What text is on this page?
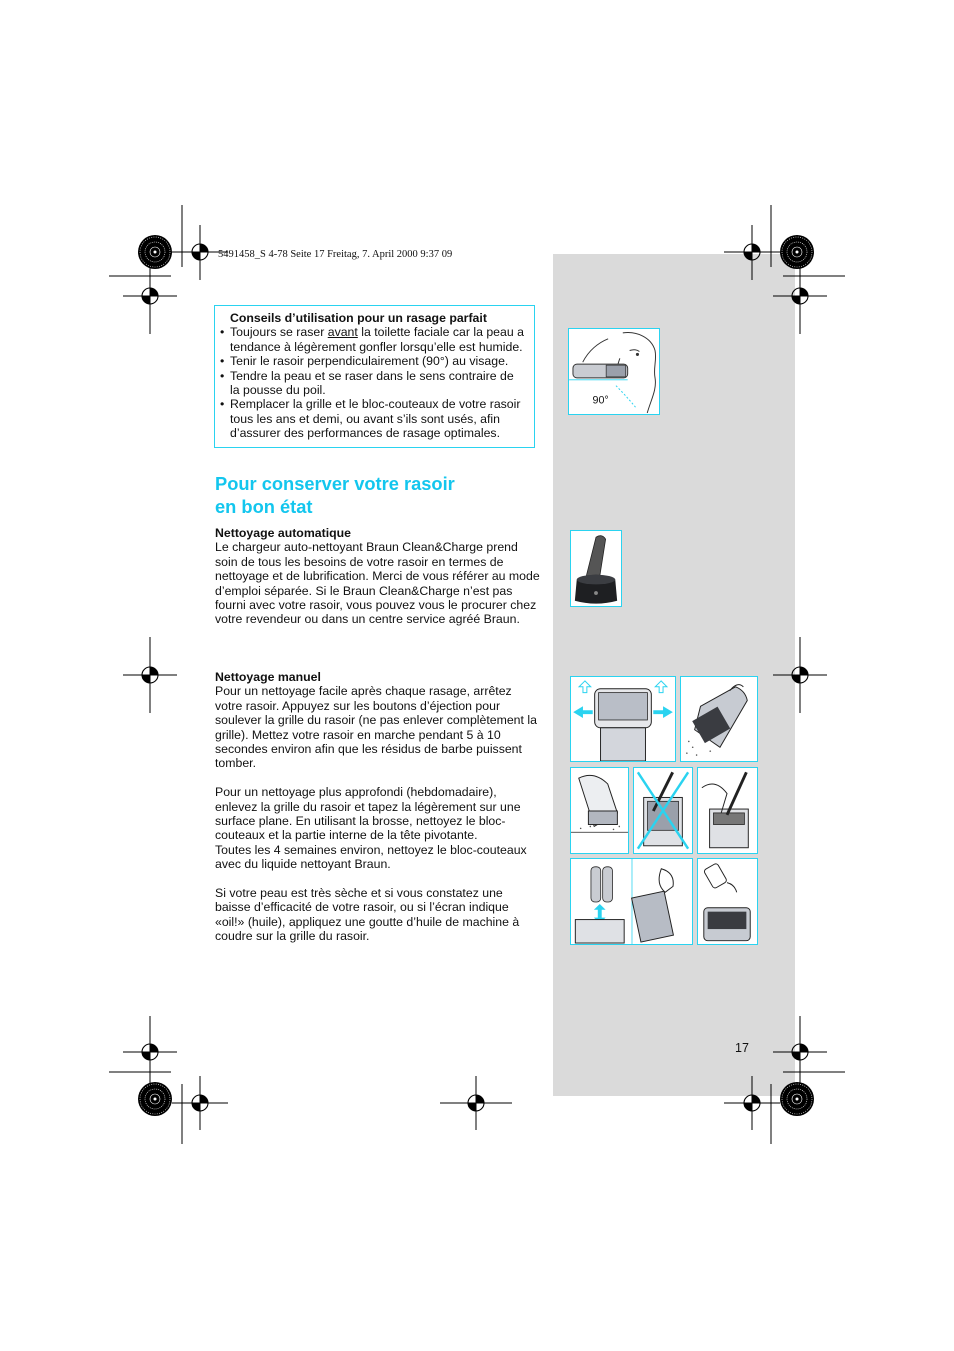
5491458_S 4-78 Seite 17 Freitag, 7. April 2000 9:37 09
Conseils d’utilisation pour un rasage parfait
• Toujours se raser avant la toilette faciale car la peau a tendance à légèrement gonfler lorsqu’elle est humide.
• Tenir le rasoir perpendiculairement (90°) au visage.
• Tendre la peau et se raser dans le sens contraire de la pousse du poil.
• Remplacer la grille et le bloc-couteaux de votre rasoir tous les ans et demi, ou avant s’ils sont usés, afin d’assurer des performances de rasage optimales.
Pour conserver votre rasoir
en bon état
Nettoyage automatique

Le chargeur auto-nettoyant Braun Clean&Charge prend soin de tous les besoins de votre rasoir en termes de nettoyage et de lubrification. Merci de vous référer au mode d’emploi séparée. Si le Braun Clean&Charge n’est pas fourni avec votre rasoir, vous pouvez vous le procurer chez votre revendeur ou dans un centre service agréé Braun.

Nettoyage manuel

Pour un nettoyage facile après chaque rasage, arrêtez votre rasoir. Appuyez sur les boutons d’éjection pour soulever la grille du rasoir (ne pas enlever complètement la grille). Mettez votre rasoir en marche pendant 5 à 10 secondes environ afin que les résidus de barbe puissent tomber.

Pour un nettoyage plus approfondi (hebdomadaire), enlevez la grille du rasoir et tapez la légèrement sur une surface plane. En utilisant la brosse, nettoyez le bloc-couteaux et la partie interne de la tête pivotante.
Toutes les 4 semaines environ, nettoyez le bloc-couteaux avec du liquide nettoyant Braun.

Si votre peau est très sèche et si vous constatez une baisse d’efficacité de votre rasoir, ou si l’écran indique «oil!» (huile), appliquez une goutte d’huile de machine à coudre sur la grille du rasoir.

17
90°
